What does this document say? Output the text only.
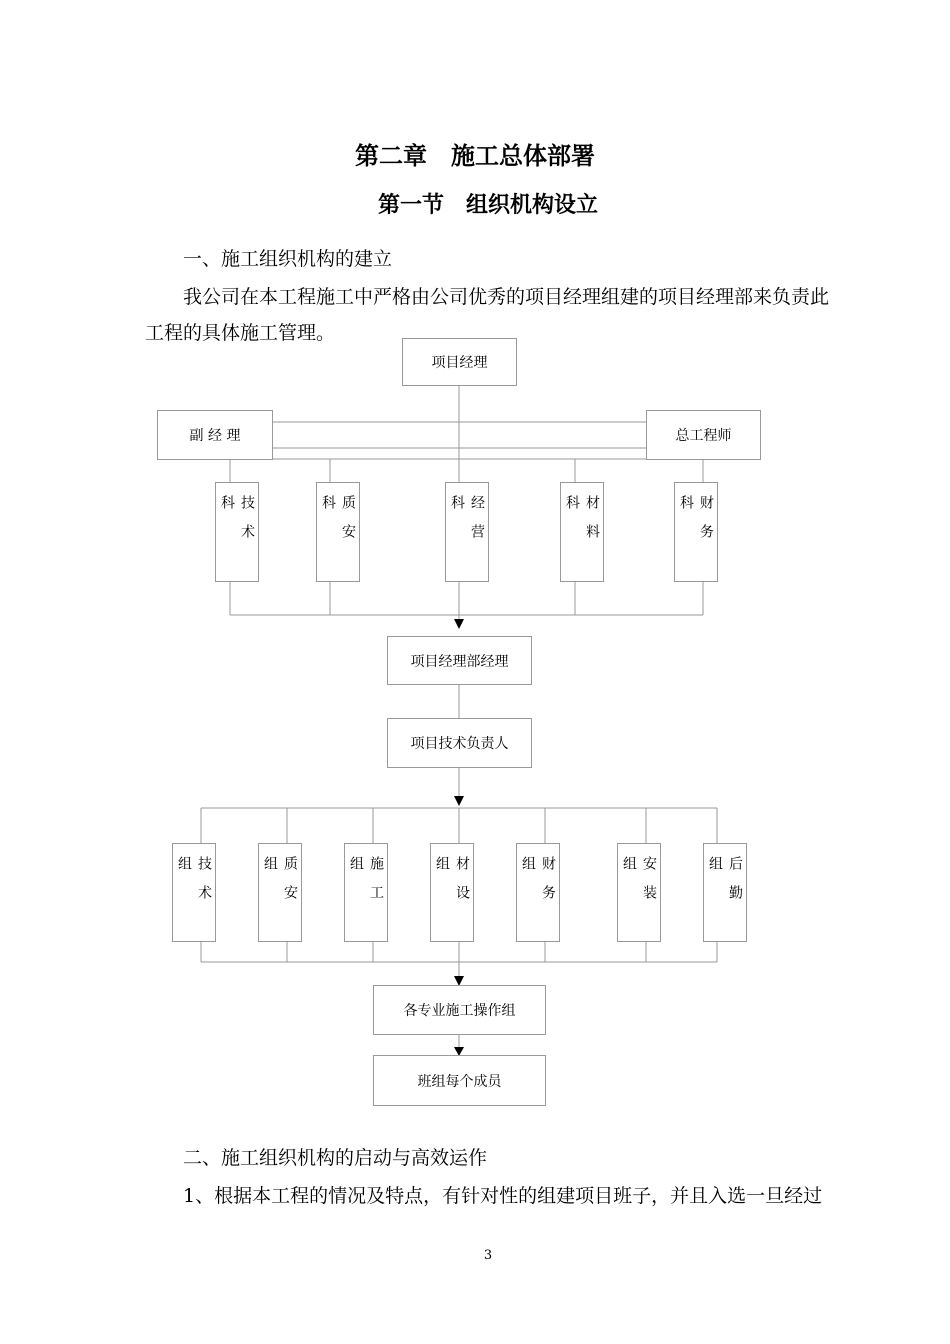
第二章　施工总体部署
第一节　组织机构设立
一、施工组织机构的建立
我公司在本工程施工中严格由公司优秀的项目经理组建的项目经理部来负责此
工程的具体施工管理。
项目经理
副 经 理	总工程师
技术科	质安科	经营科	材料科	财务科
项目经理部经理
项目技术负责人
技术组	质安组	施工组	材设组	财务组	安装组	后勤组
各专业施工操作组
班组每个成员
二、施工组织机构的启动与高效运作
1、根据本工程的情况及特点，有针对性的组建项目班子，并且入选一旦经过
3
